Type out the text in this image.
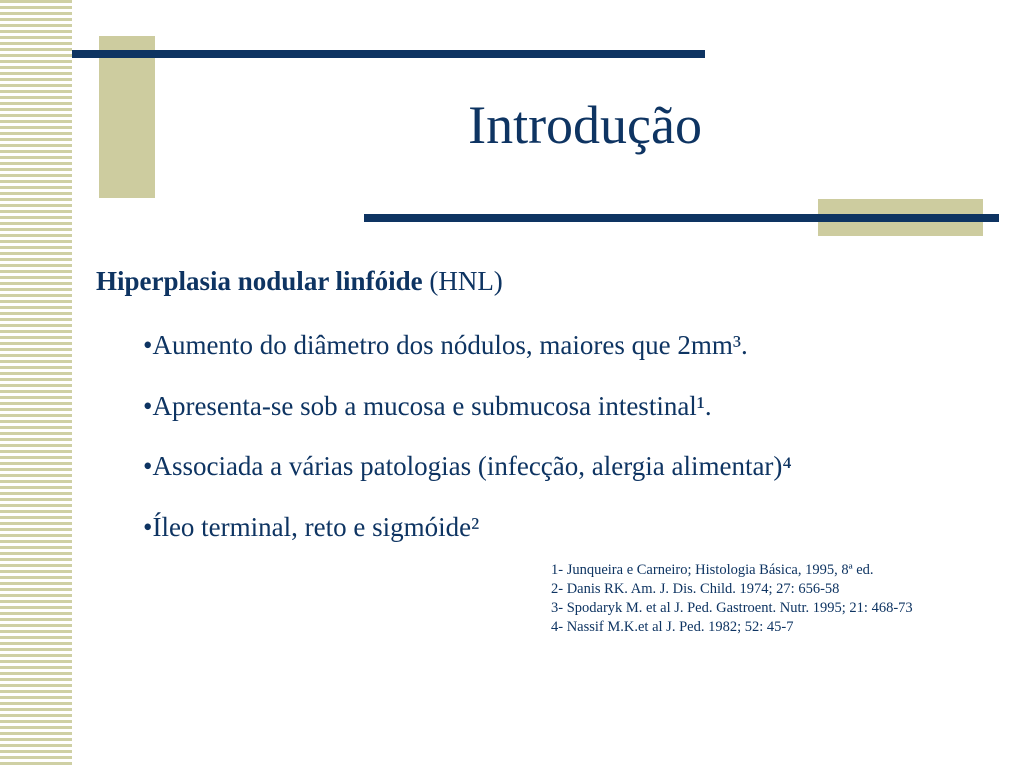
Introdução
Hiperplasia nodular linfóide (HNL)
•Aumento do diâmetro dos nódulos, maiores que 2mm³.
•Apresenta-se sob a mucosa e submucosa intestinal¹.
•Associada a várias patologias (infecção, alergia alimentar)⁴
•Íleo terminal, reto e sigmóide²
1- Junqueira e Carneiro; Histologia Básica, 1995, 8ª ed.
2- Danis RK. Am. J. Dis. Child. 1974; 27: 656-58
3- Spodaryk M. et al J. Ped. Gastroent. Nutr. 1995; 21: 468-73
4- Nassif M.K.et al J. Ped. 1982; 52: 45-7
